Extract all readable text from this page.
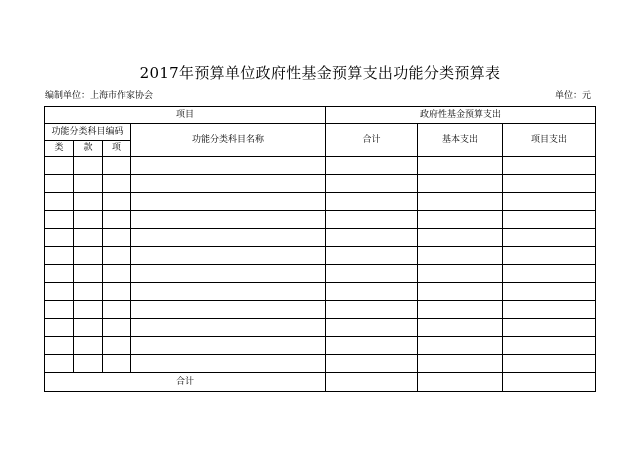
2017年预算单位政府性基金预算支出功能分类预算表
编制单位：上海市作家协会	单位：元
项目				政府性基金预算支出		
功能分类科目编码			功能分类科目名称	合计	基本支出	项目支出
类	款	项				

合计						
